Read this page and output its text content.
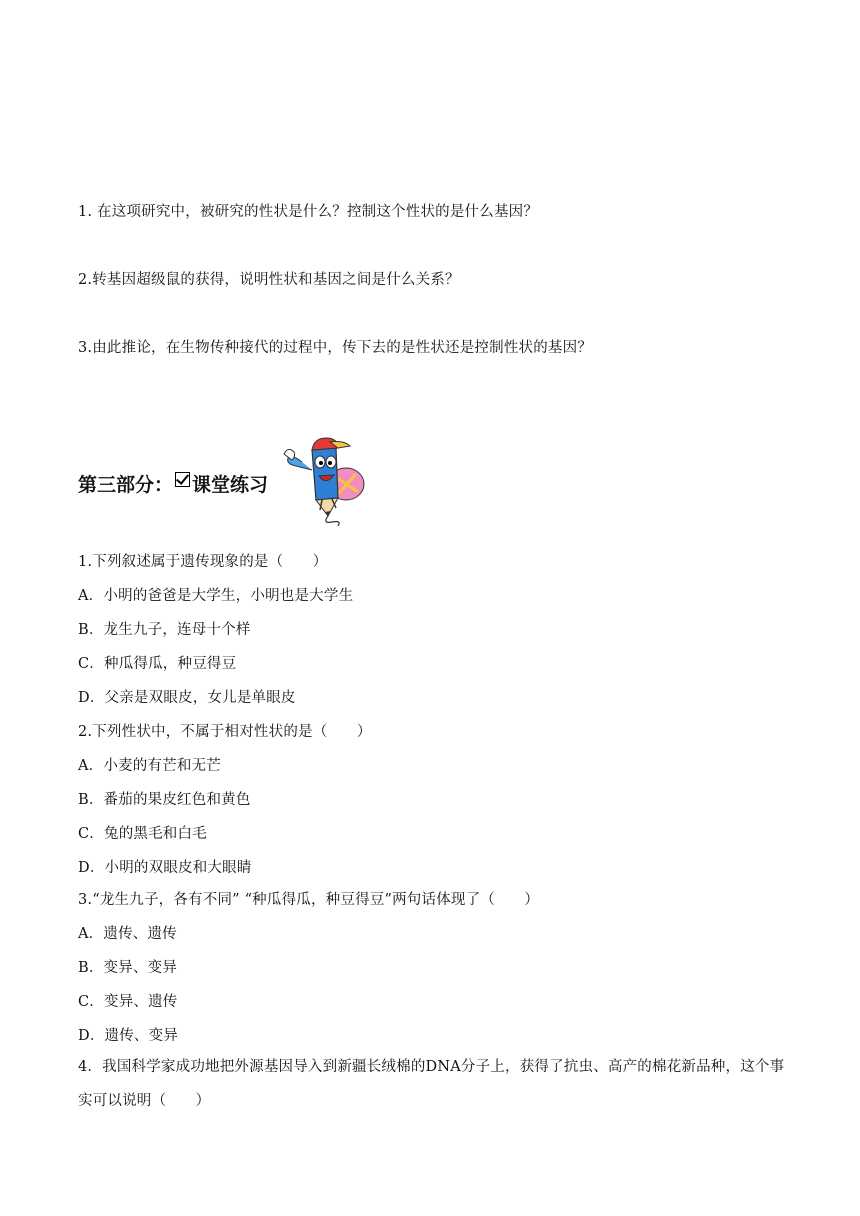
1. 在这项研究中，被研究的性状是什么？控制这个性状的是什么基因？
2.转基因超级鼠的获得，说明性状和基因之间是什么关系？
3.由此推论，在生物传种接代的过程中，传下去的是性状还是控制性状的基因？
第三部分： 课堂练习
1.下列叙述属于遗传现象的是（　　）
A．小明的爸爸是大学生，小明也是大学生
B．龙生九子，连母十个样
C．种瓜得瓜，种豆得豆
D．父亲是双眼皮，女儿是单眼皮
2.下列性状中，不属于相对性状的是（　　）
A．小麦的有芒和无芒
B．番茄的果皮红色和黄色
C．兔的黑毛和白毛
D．小明的双眼皮和大眼睛
3.“龙生九子，各有不同” “种瓜得瓜，种豆得豆”两句话体现了（　　）
A．遗传、遗传
B．变异、变异
C．变异、遗传
D．遗传、变异
4．我国科学家成功地把外源基因导入到新疆长绒棉的DNA分子上，获得了抗虫、高产的棉花新品种，这个事实可以说明（　　）
